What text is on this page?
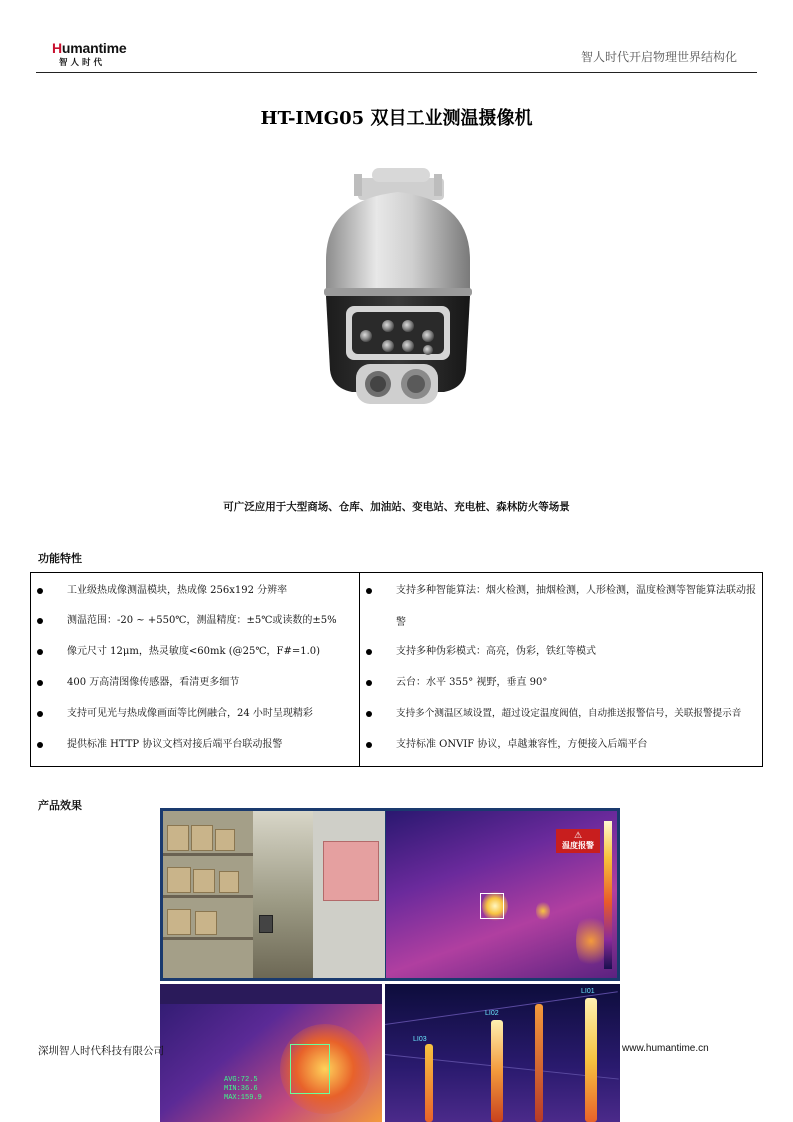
Humantime
智人时代	智人时代开启物理世界结构化
HT-IMG05 双目工业测温摄像机
可广泛应用于大型商场、仓库、加油站、变电站、充电桩、森林防火等场景
功能特性
工业级热成像测温模块，热成像 256x192 分辨率
测温范围：-20 ~ +550℃，测温精度：±5℃或读数的±5%
像元尺寸 12μm，热灵敏度<60mk (@25℃，F#=1.0)
400 万高清图像传感器，看清更多细节
支持可见光与热成像画面等比例融合，24 小时呈现精彩
提供标准 HTTP 协议文档对接后端平台联动报警
支持多种智能算法：烟火检测，抽烟检测，人形检测，温度检测等智能算法联动报警
支持多种伪彩模式：高亮，伪彩，铁红等模式
云台：水平 355° 视野，垂直 90°
支持多个测温区域设置，超过设定温度阀值，自动推送报警信号，关联报警提示音
支持标准 ONVIF 协议，卓越兼容性，方便接入后端平台
产品效果
⚠
温度报警
AVG:72.5
MIN:36.6
MAX:159.9
LI01
LI02
LI03
深圳智人时代科技有限公司	www.humantime.cn
